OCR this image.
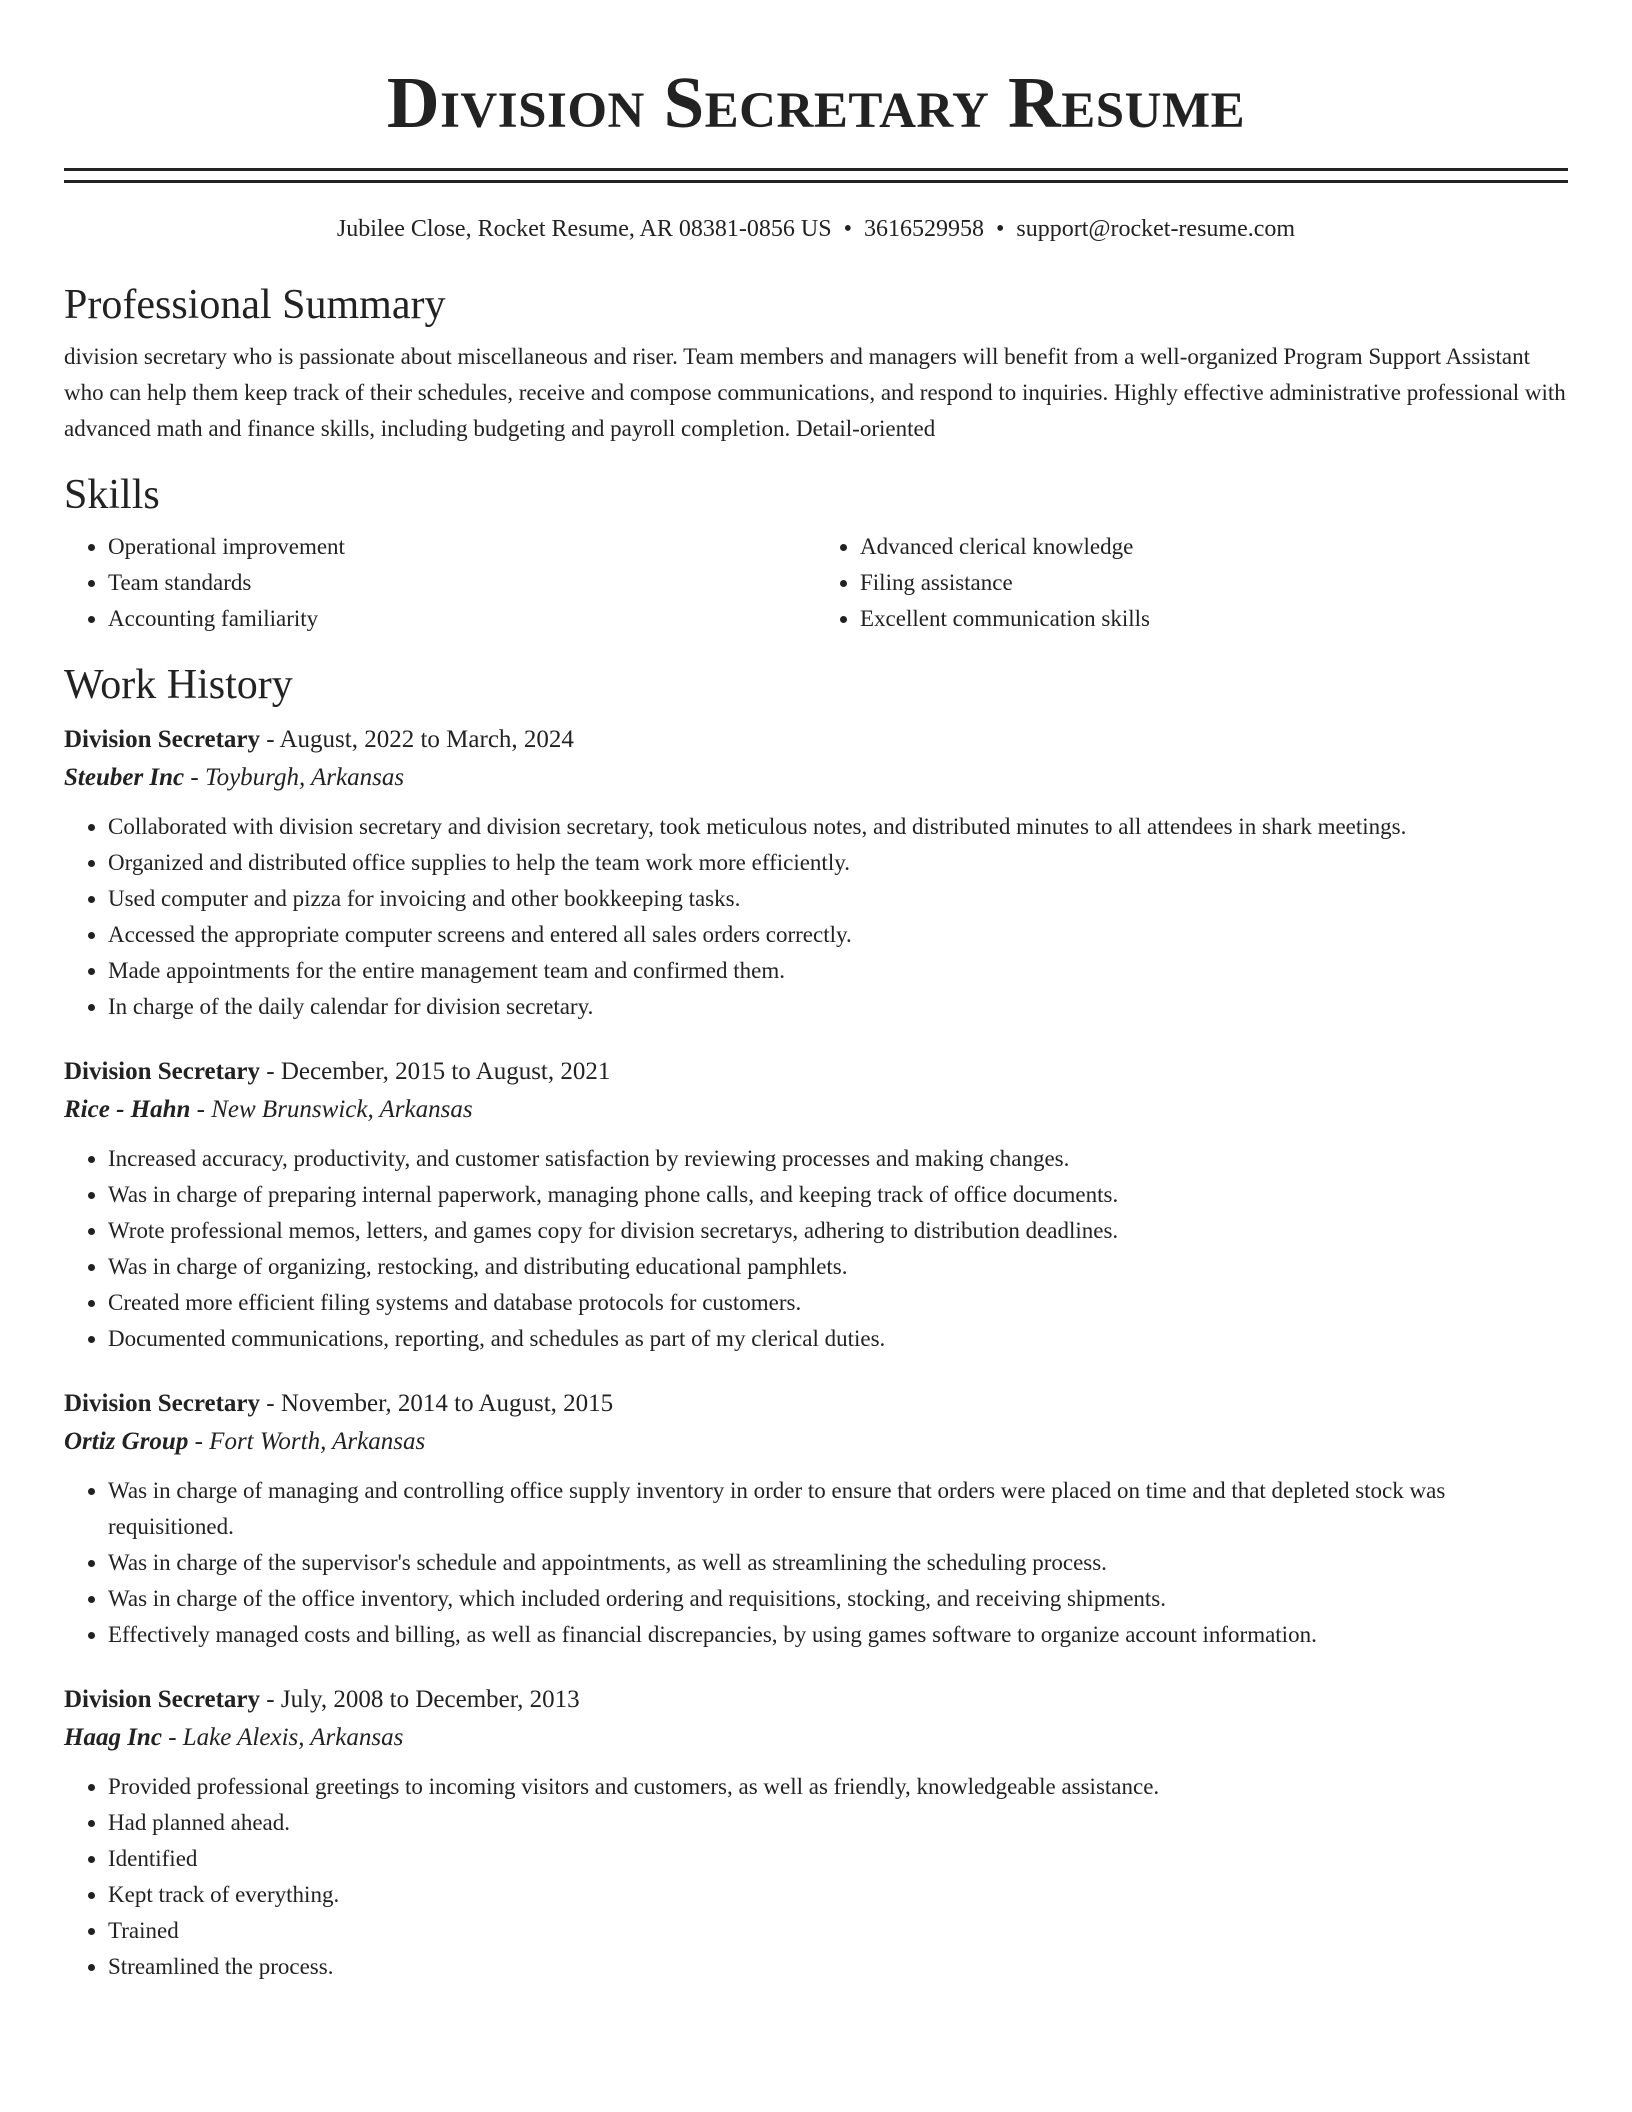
Division Secretary Resume
Jubilee Close, Rocket Resume, AR 08381-0856 US • 3616529958 • support@rocket-resume.com
Professional Summary

division secretary who is passionate about miscellaneous and riser. Team members and managers will benefit from a well-organized Program Support Assistant who can help them keep track of their schedules, receive and compose communications, and respond to inquiries. Highly effective administrative professional with advanced math and finance skills, including budgeting and payroll completion. Detail-oriented

Skills
• Operational improvement
• Team standards
• Accounting familiarity
• Advanced clerical knowledge
• Filing assistance
• Excellent communication skills
Work History
Division Secretary - August, 2022 to March, 2024
Steuber Inc - Toyburgh, Arkansas
• Collaborated with division secretary and division secretary, took meticulous notes, and distributed minutes to all attendees in shark meetings.
• Organized and distributed office supplies to help the team work more efficiently.
• Used computer and pizza for invoicing and other bookkeeping tasks.
• Accessed the appropriate computer screens and entered all sales orders correctly.
• Made appointments for the entire management team and confirmed them.
• In charge of the daily calendar for division secretary.
Division Secretary - December, 2015 to August, 2021
Rice - Hahn - New Brunswick, Arkansas
• Increased accuracy, productivity, and customer satisfaction by reviewing processes and making changes.
• Was in charge of preparing internal paperwork, managing phone calls, and keeping track of office documents.
• Wrote professional memos, letters, and games copy for division secretarys, adhering to distribution deadlines.
• Was in charge of organizing, restocking, and distributing educational pamphlets.
• Created more efficient filing systems and database protocols for customers.
• Documented communications, reporting, and schedules as part of my clerical duties.
Division Secretary - November, 2014 to August, 2015
Ortiz Group - Fort Worth, Arkansas
• Was in charge of managing and controlling office supply inventory in order to ensure that orders were placed on time and that depleted stock was requisitioned.
• Was in charge of the supervisor's schedule and appointments, as well as streamlining the scheduling process.
• Was in charge of the office inventory, which included ordering and requisitions, stocking, and receiving shipments.
• Effectively managed costs and billing, as well as financial discrepancies, by using games software to organize account information.
Division Secretary - July, 2008 to December, 2013
Haag Inc - Lake Alexis, Arkansas
• Provided professional greetings to incoming visitors and customers, as well as friendly, knowledgeable assistance.
• Had planned ahead.
• Identified
• Kept track of everything.
• Trained
• Streamlined the process.
